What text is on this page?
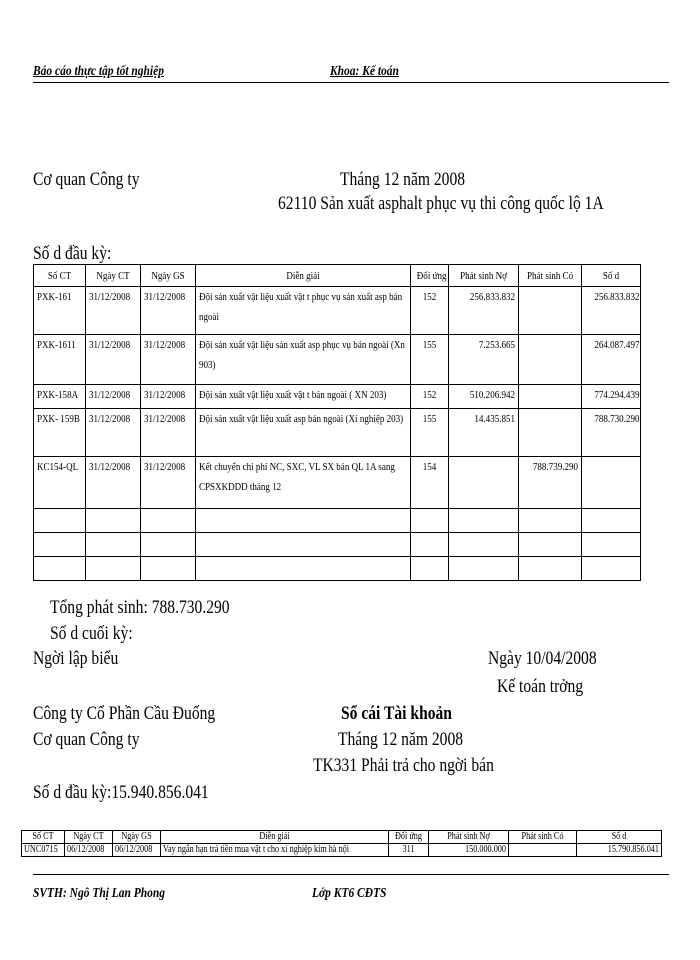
Báo cáo thực tập tốt nghiệp	Khoa: Kế toán
Cơ quan Công ty	Tháng 12 năm 2008
62110 Sản xuất asphalt phục vụ thi công quốc lộ 1A
Số d đầu kỳ:
Số CT	Ngày CT	Ngày GS	Diễn giải	Đối ứng	Phát sinh Nợ	Phát sinh Có	Số d

PXK-161	31/12/2008	31/12/2008	Đội sản xuất vật liệu xuất vật t phục vụ sản xuất asp bán ngoài	152	256.833.832		256.833.832

PXK-1611	31/12/2008	31/12/2008	Đội sản xuất vật liệu sản xuất asp phục vụ bán ngoài (Xn 903)	155	7.253.665		264.087.497

PXK-158A	31/12/2008	31/12/2008	Đội sản xuất vật liệu xuất vật t bán ngoài ( XN 203)	152	510.206.942		774.294.439

PXK- 159B	31/12/2008	31/12/2008	Đội sản xuất vật liệu xuất asp bán ngoài (Xí nghiệp 203)	155	14.435.851		788.730.290

KC154-QL	31/12/2008	31/12/2008	Kết chuyển chi phí NC, SXC, VL SX bán QL 1A sang CPSXKDDD tháng 12	154		788.739.290	

Tổng phát sinh: 788.730.290
Số d cuối kỳ:
Ngời lập biểu	Ngày 10/04/2008
Kế toán trởng
Công ty Cổ Phần Cầu Đuống	Sổ cái Tài khoản
Cơ quan Công ty	Tháng 12 năm 2008
TK331 Phải trả cho ngời bán
Số d đầu kỳ:15.940.856.041
Số CT	Ngày CT	Ngày GS	Diễn giải	Đối ứng	Phát sinh Nợ	Phát sinh Có	Số d

UNC0715	06/12/2008	06/12/2008	Vay ngắn hạn trả tiền mua vật t cho xí nghiệp kim hà nội	311	150.000.000		15.790.856.041
SVTH: Ngô Thị Lan Phong	Lớp KT6 CĐTS
